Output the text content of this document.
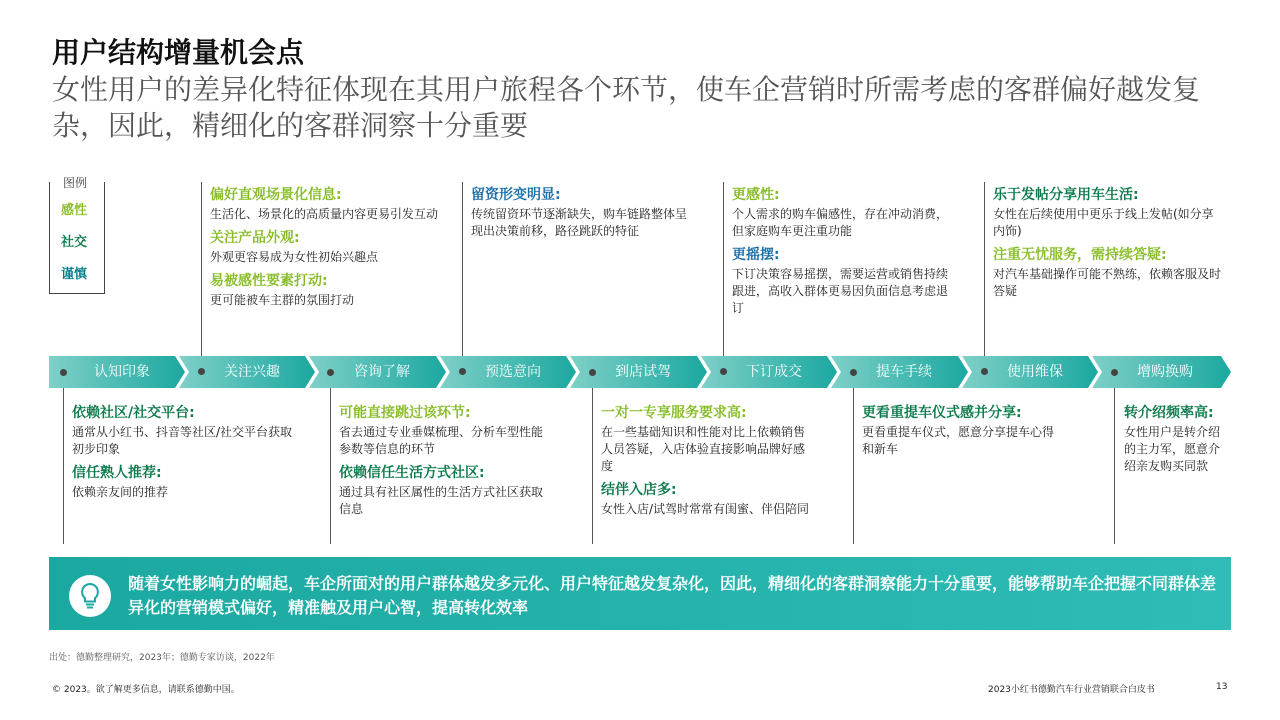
用户结构增量机会点
女性用户的差异化特征体现在其用户旅程各个环节，使车企营销时所需考虑的客群偏好越发复杂，因此，精细化的客群洞察十分重要
图例
感性
社交
谨慎
认知印象	关注兴趣	咨询了解	预选意向	到店试驾	下订成交	提车手续	使用维保	增购换购
偏好直观场景化信息:
生活化、场景化的高质量内容更易引发互动
关注产品外观:
外观更容易成为女性初始兴趣点
易被感性要素打动:
更可能被车主群的氛围打动
留资形变明显:
传统留资环节逐渐缺失，购车链路整体呈现出决策前移，路径跳跃的特征
更感性:
个人需求的购车偏感性，存在冲动消费，但家庭购车更注重功能
更摇摆:
下订决策容易摇摆，需要运营或销售持续跟进，高收入群体更易因负面信息考虑退订
乐于发帖分享用车生活:
女性在后续使用中更乐于线上发帖(如分享内饰)
注重无忧服务，需持续答疑:
对汽车基础操作可能不熟练，依赖客服及时答疑
依赖社区/社交平台:
通常从小红书、抖音等社区/社交平台获取初步印象
信任熟人推荐:
依赖亲友间的推荐
可能直接跳过该环节:
省去通过专业垂媒梳理、分析车型性能参数等信息的环节
依赖信任生活方式社区:
通过具有社区属性的生活方式社区获取信息
一对一专享服务要求高:
在一些基础知识和性能对比上依赖销售人员答疑，入店体验直接影响品牌好感度
结伴入店多:
女性入店/试驾时常常有闺蜜、伴侣陪同
更看重提车仪式感并分享:
更看重提车仪式，愿意分享提车心得和新车
转介绍频率高:
女性用户是转介绍的主力军，愿意介绍亲友购买同款
随着女性影响力的崛起，车企所面对的用户群体越发多元化、用户特征越发复杂化，因此，精细化的客群洞察能力十分重要，能够帮助车企把握不同群体差异化的营销模式偏好，精准触及用户心智，提高转化效率
出处：德勤整理研究，2023年；德勤专家访谈，2022年
© 2023。欲了解更多信息，请联系德勤中国。	2023小红书德勤汽车行业营销联合白皮书	13
